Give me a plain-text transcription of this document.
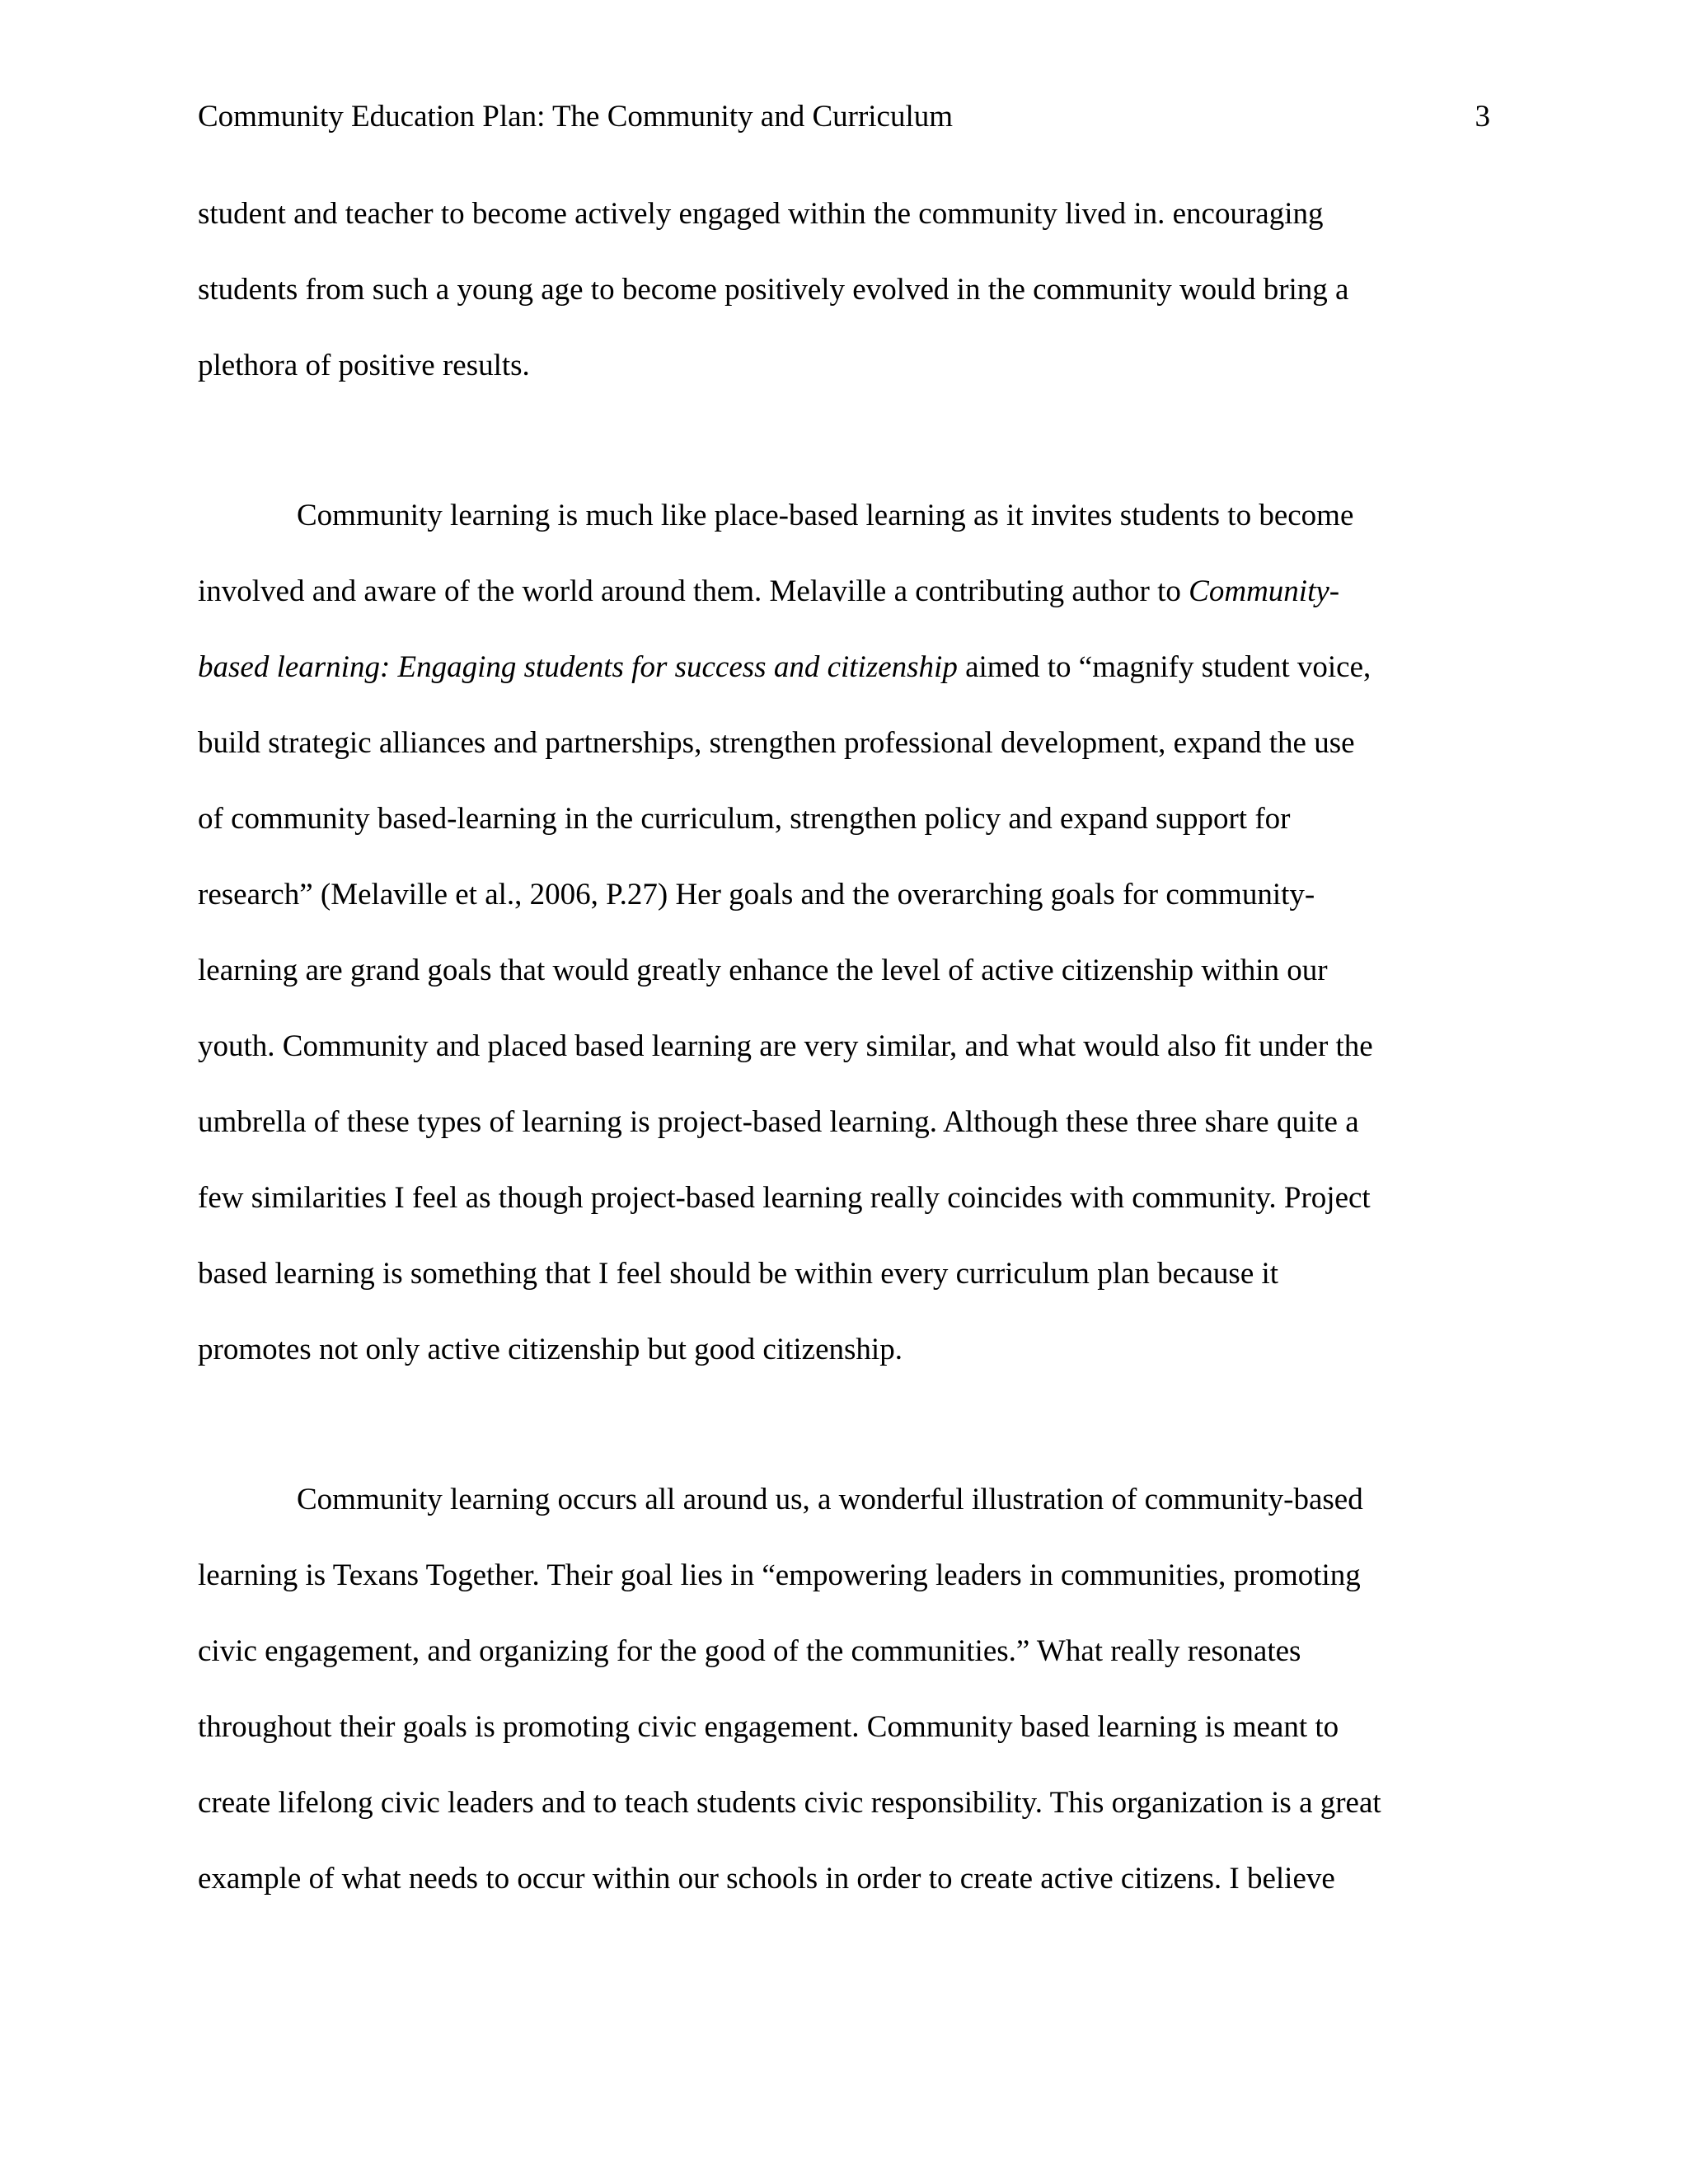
Community Education Plan: The Community and Curriculum	3
student and teacher to become actively engaged within the community lived in. encouraging
students from such a young age to become positively evolved in the community would bring a
plethora of positive results.
Community learning is much like place-based learning as it invites students to become
involved and aware of the world around them. Melaville a contributing author to Community-
based learning: Engaging students for success and citizenship aimed to “magnify student voice,
build strategic alliances and partnerships, strengthen professional development, expand the use
of community based-learning in the curriculum, strengthen policy and expand support for
research” (Melaville et al., 2006, P.27) Her goals and the overarching goals for community-
learning are grand goals that would greatly enhance the level of active citizenship within our
youth. Community and placed based learning are very similar, and what would also fit under the
umbrella of these types of learning is project-based learning. Although these three share quite a
few similarities I feel as though project-based learning really coincides with community. Project
based learning is something that I feel should be within every curriculum plan because it
promotes not only active citizenship but good citizenship.
Community learning occurs all around us, a wonderful illustration of community-based
learning is Texans Together. Their goal lies in “empowering leaders in communities, promoting
civic engagement, and organizing for the good of the communities.” What really resonates
throughout their goals is promoting civic engagement. Community based learning is meant to
create lifelong civic leaders and to teach students civic responsibility. This organization is a great
example of what needs to occur within our schools in order to create active citizens. I believe
